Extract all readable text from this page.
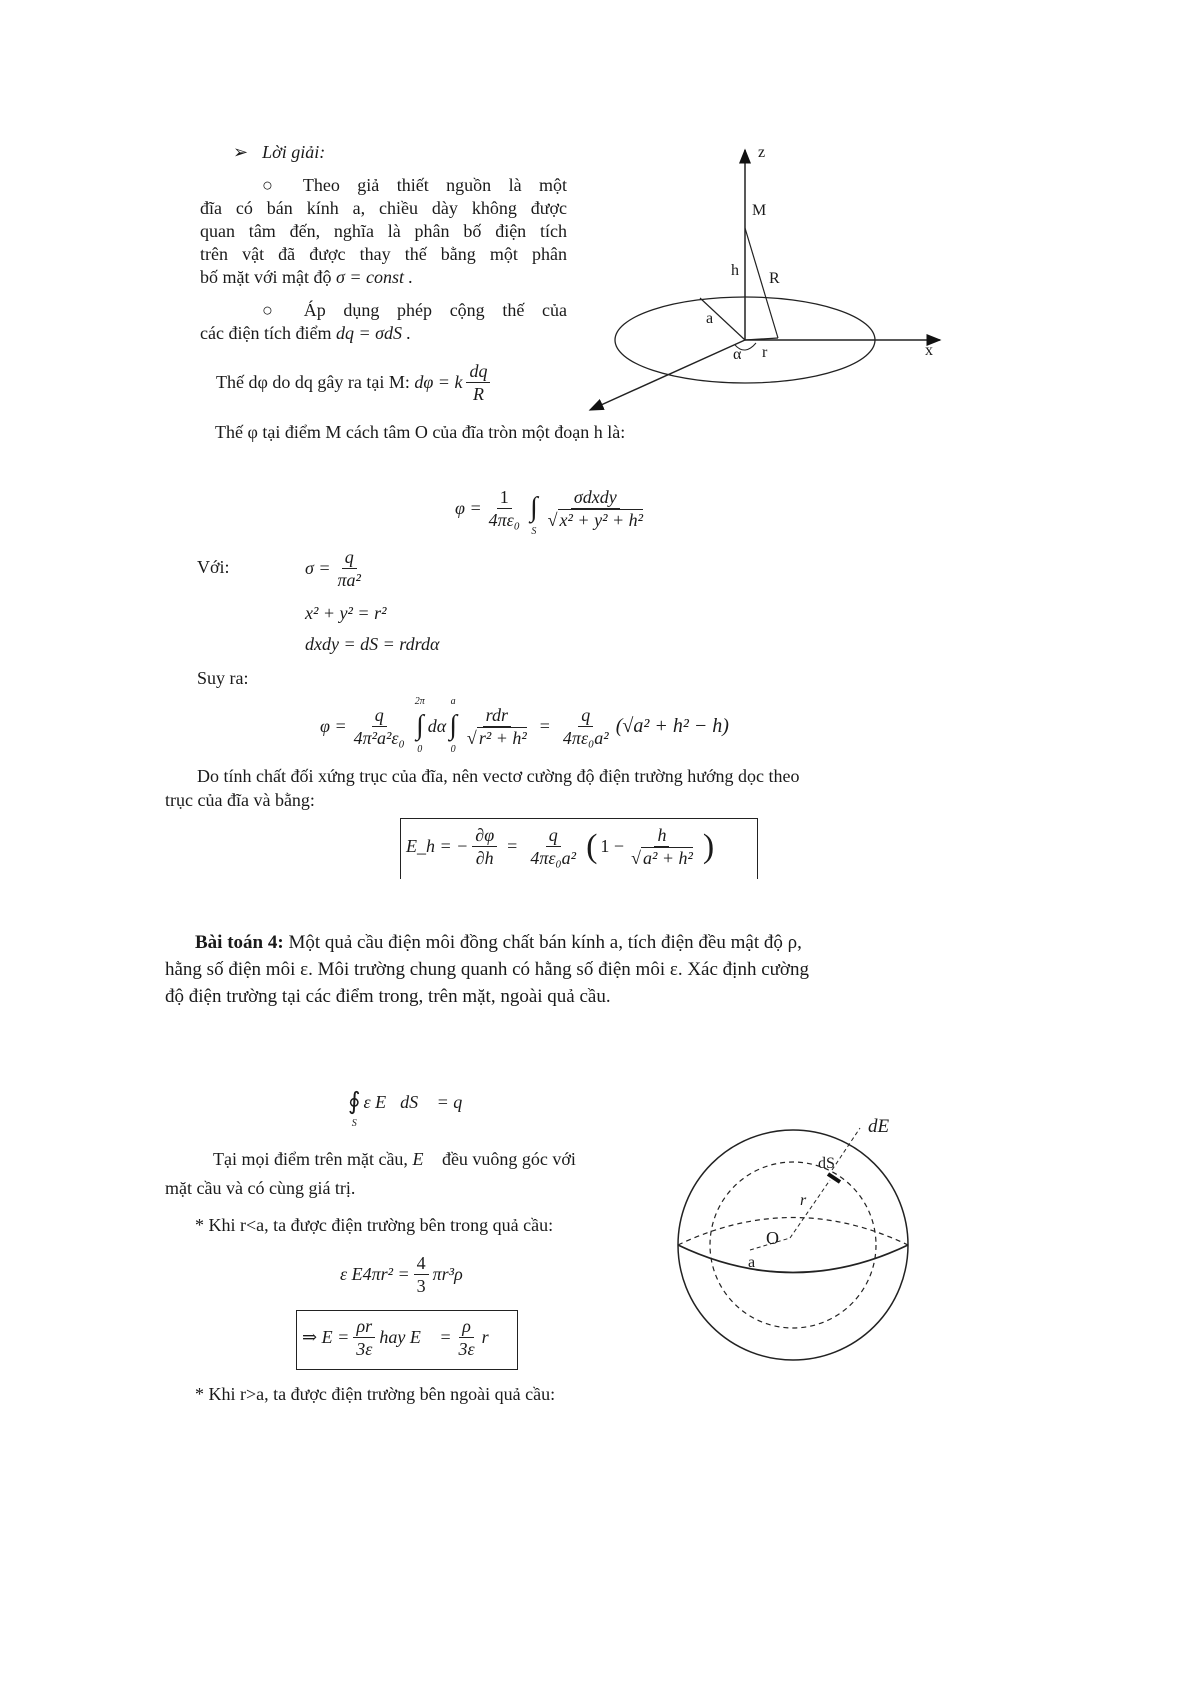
➢ Lời giải:
○ Theo giả thiết nguồn là một
đĩa có bán kính a, chiều dày không được
quan tâm đến, nghĩa là phân bố điện tích
trên vật đã được thay thế bằng một phân
bố mặt với mật độ σ = const .
○ Áp dụng phép cộng thế của
các điện tích điểm dq = σdS .
Thế dφ do dq gây ra tại M:
dφ = k
dq
R
Thế φ tại điểm M cách tâm O của đĩa tròn một đoạn h là:
z
M
h R
a
α r	x
$\varphi = \frac{1}{\text{4πε₀}}$
∫
S
σdxdy
√ x² + y² + h²
Với:	$\sigma = \frac{q}{\text{πa²}}$
x² + y² = r²
dxdy = dS = rdrdα
Suy ra:
$\varphi = \frac{q}{\text{4π²a²ε₀}}$
2π
∫
0
dα
a
∫
0
rdr
√ r² + h²
= $\frac{q}{\text{4πε₀a²}} (√a^2 + h^2 - h)$
Do tính chất đối xứng trục của đĩa, nên vectơ cường độ điện trường hướng dọc theo
trục của đĩa và bằng:
E_h = − $\frac{\partial\varphi}{\partial h} = \frac{q}{\text{4πε₀a²}}$ ( $1 - \frac{h}{\text{√ a² + h²}}$ )
Bài toán 4: Một quả cầu điện môi đồng chất bán kính a, tích điện đều mật độ ρ,
hằng số điện môi ε. Môi trường chung quanh có hằng số điện môi ε. Xác định cường
độ điện trường tại các điểm trong, trên mặt, ngoài quả cầu.

∮
S
ε E⃗dS⃗ = q
Tại mọi điểm trên mặt cầu, E⃗ đều vuông góc với
mặt cầu và có cùng giá trị.
* Khi r<a, ta được điện trường bên trong quả cầu:
ε $E4\pi r^2 = \frac{4}{3} \pi r^3\rho$
⇒ $E = \frac{\rho r}{3\varepsilon}$ hay E⃗ = $\frac{\rho}{3\varepsilon}$ r⃗
* Khi r>a, ta được điện trường bên ngoài quả cầu:
dE⃗
dS
r⃗
O
a
